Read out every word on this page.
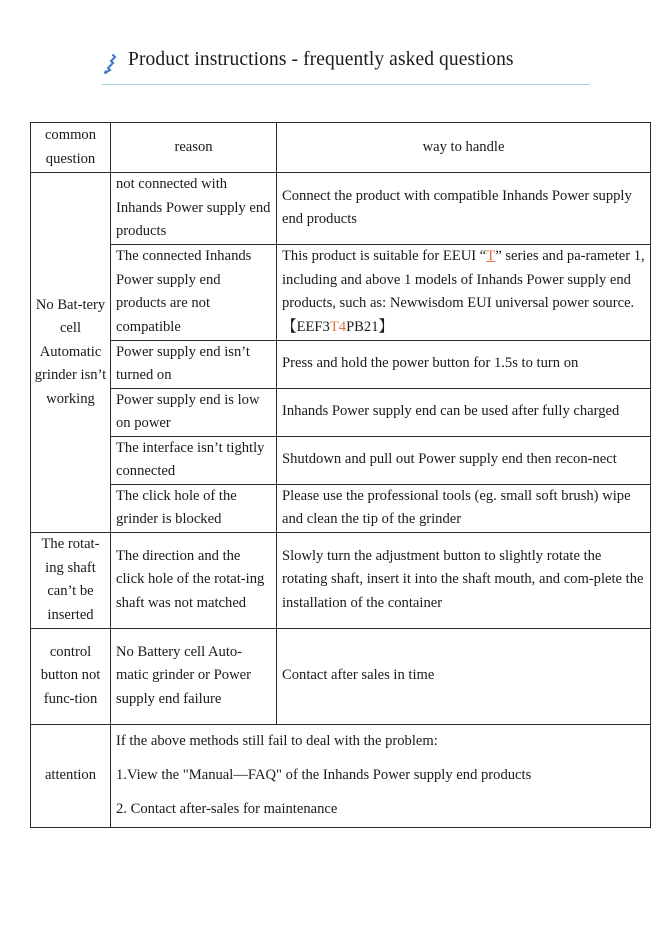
Product instructions - frequently asked questions
common question	reason	way to handle
No Bat-tery cell Automatic grinder isn’t working	not connected with Inhands Power supply end products	Connect the product with compatible Inhands Power supply end products
	The connected Inhands Power supply end products are not compatible	This product is suitable for EEUI “T” series and pa-rameter 1, including and above 1 models of Inhands Power supply end products, such as: Newwisdom EUI universal power source. 【EEF3T4PB21】
	Power supply end isn’t turned on	Press and hold the power button for 1.5s to turn on
	Power supply end is low on power	Inhands Power supply end can be used after fully charged
	The interface isn’t tightly connected	Shutdown and pull out Power supply end then recon-nect
	The click hole of the grinder is blocked	Please use the professional tools (eg. small soft brush) wipe and clean the tip of the grinder
The rotat-ing shaft can’t be inserted	The direction and the click hole of the rotat-ing shaft was not matched	Slowly turn the adjustment button to slightly rotate the rotating shaft, insert it into the shaft mouth, and com-plete the installation of the container
control button not func-tion	No Battery cell Auto-matic grinder or Power supply end failure	Contact after sales in time
attention	If the above methods still fail to deal with the problem:
1.View the "Manual—FAQ" of the Inhands Power supply end products
2. Contact after-sales for maintenance	
